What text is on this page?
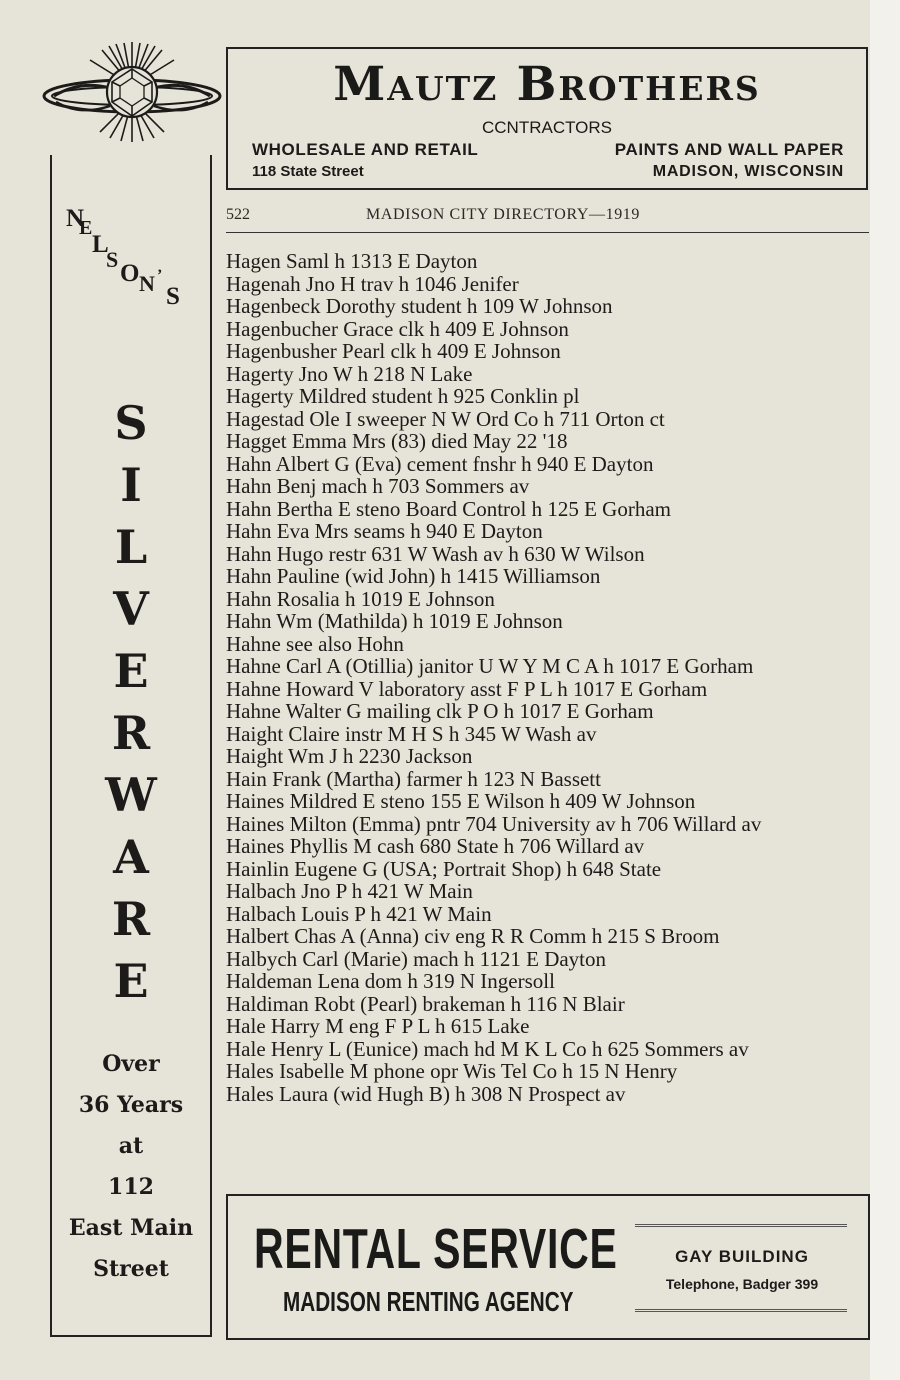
N
E
L
S
O N ’
S
S
I
L
V
E
R
W
A
R
E
Over
36 Years
at
112
East Main
Street
Mautz Brothers
CCNTRACTORS
WHOLESALE AND RETAIL	PAINTS AND WALL PAPER
118 State Street	MADISON, WISCONSIN
522	MADISON CITY DIRECTORY—1919
Hagen Saml h 1313 E Dayton
Hagenah Jno H trav h 1046 Jenifer
Hagenbeck Dorothy student h 109 W Johnson
Hagenbucher Grace clk h 409 E Johnson
Hagenbusher Pearl clk h 409 E Johnson
Hagerty Jno W h 218 N Lake
Hagerty Mildred student h 925 Conklin pl
Hagestad Ole I sweeper N W Ord Co h 711 Orton ct
Hagget Emma Mrs (83) died May 22 '18
Hahn Albert G (Eva) cement fnshr h 940 E Dayton
Hahn Benj mach h 703 Sommers av
Hahn Bertha E steno Board Control h 125 E Gorham
Hahn Eva Mrs seams h 940 E Dayton
Hahn Hugo restr 631 W Wash av h 630 W Wilson
Hahn Pauline (wid John) h 1415 Williamson
Hahn Rosalia h 1019 E Johnson
Hahn Wm (Mathilda) h 1019 E Johnson
Hahne see also Hohn
Hahne Carl A (Otillia) janitor U W Y M C A h 1017 E Gorham
Hahne Howard V laboratory asst F P L h 1017 E Gorham
Hahne Walter G mailing clk P O h 1017 E Gorham
Haight Claire instr M H S h 345 W Wash av
Haight Wm J h 2230 Jackson
Hain Frank (Martha) farmer h 123 N Bassett
Haines Mildred E steno 155 E Wilson h 409 W Johnson
Haines Milton (Emma) pntr 704 University av h 706 Willard av
Haines Phyllis M cash 680 State h 706 Willard av
Hainlin Eugene G (USA; Portrait Shop) h 648 State
Halbach Jno P h 421 W Main
Halbach Louis P h 421 W Main
Halbert Chas A (Anna) civ eng R R Comm h 215 S Broom
Halbych Carl (Marie) mach h 1121 E Dayton
Haldeman Lena dom h 319 N Ingersoll
Haldiman Robt (Pearl) brakeman h 116 N Blair
Hale Harry M eng F P L h 615 Lake
Hale Henry L (Eunice) mach hd M K L Co h 625 Sommers av
Hales Isabelle M phone opr Wis Tel Co h 15 N Henry
Hales Laura (wid Hugh B) h 308 N Prospect av
RENTAL SERVICE
MADISON RENTING AGENCY
GAY BUILDING
Telephone, Badger 399
